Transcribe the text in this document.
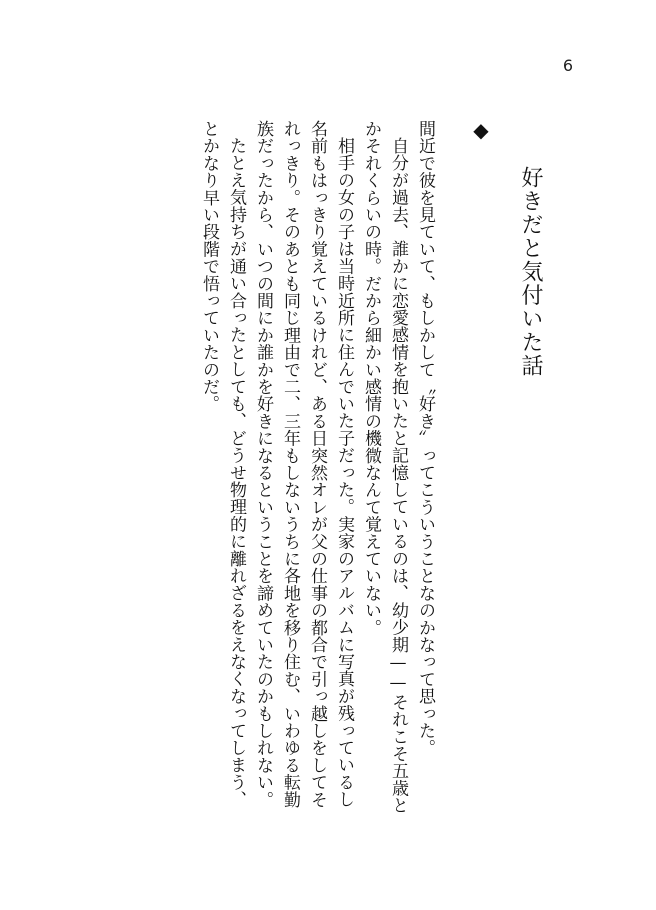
6
好きだと気付いた話
◆

間近で彼を見ていて、もしかして〝好き〟ってこういうことなのかなって思った。

自分が過去、誰かに恋愛感情を抱いたと記憶しているのは、幼少期——それこそ五歳とかそれくらいの時。だから細かい感情の機微なんて覚えていない。

相手の女の子は当時近所に住んでいた子だった。実家のアルバムに写真が残っているし名前もはっきり覚えているけれど、ある日突然オレが父の仕事の都合で引っ越しをしてそれっきり。そのあとも同じ理由で二、三年もしないうちに各地を移り住む、いわゆる転勤族だったから、いつの間にか誰かを好きになるということを諦めていたのかもしれない。

たとえ気持ちが通い合ったとしても、どうせ物理的に離れざるをえなくなってしまう、とかなり早い段階で悟っていたのだ。
